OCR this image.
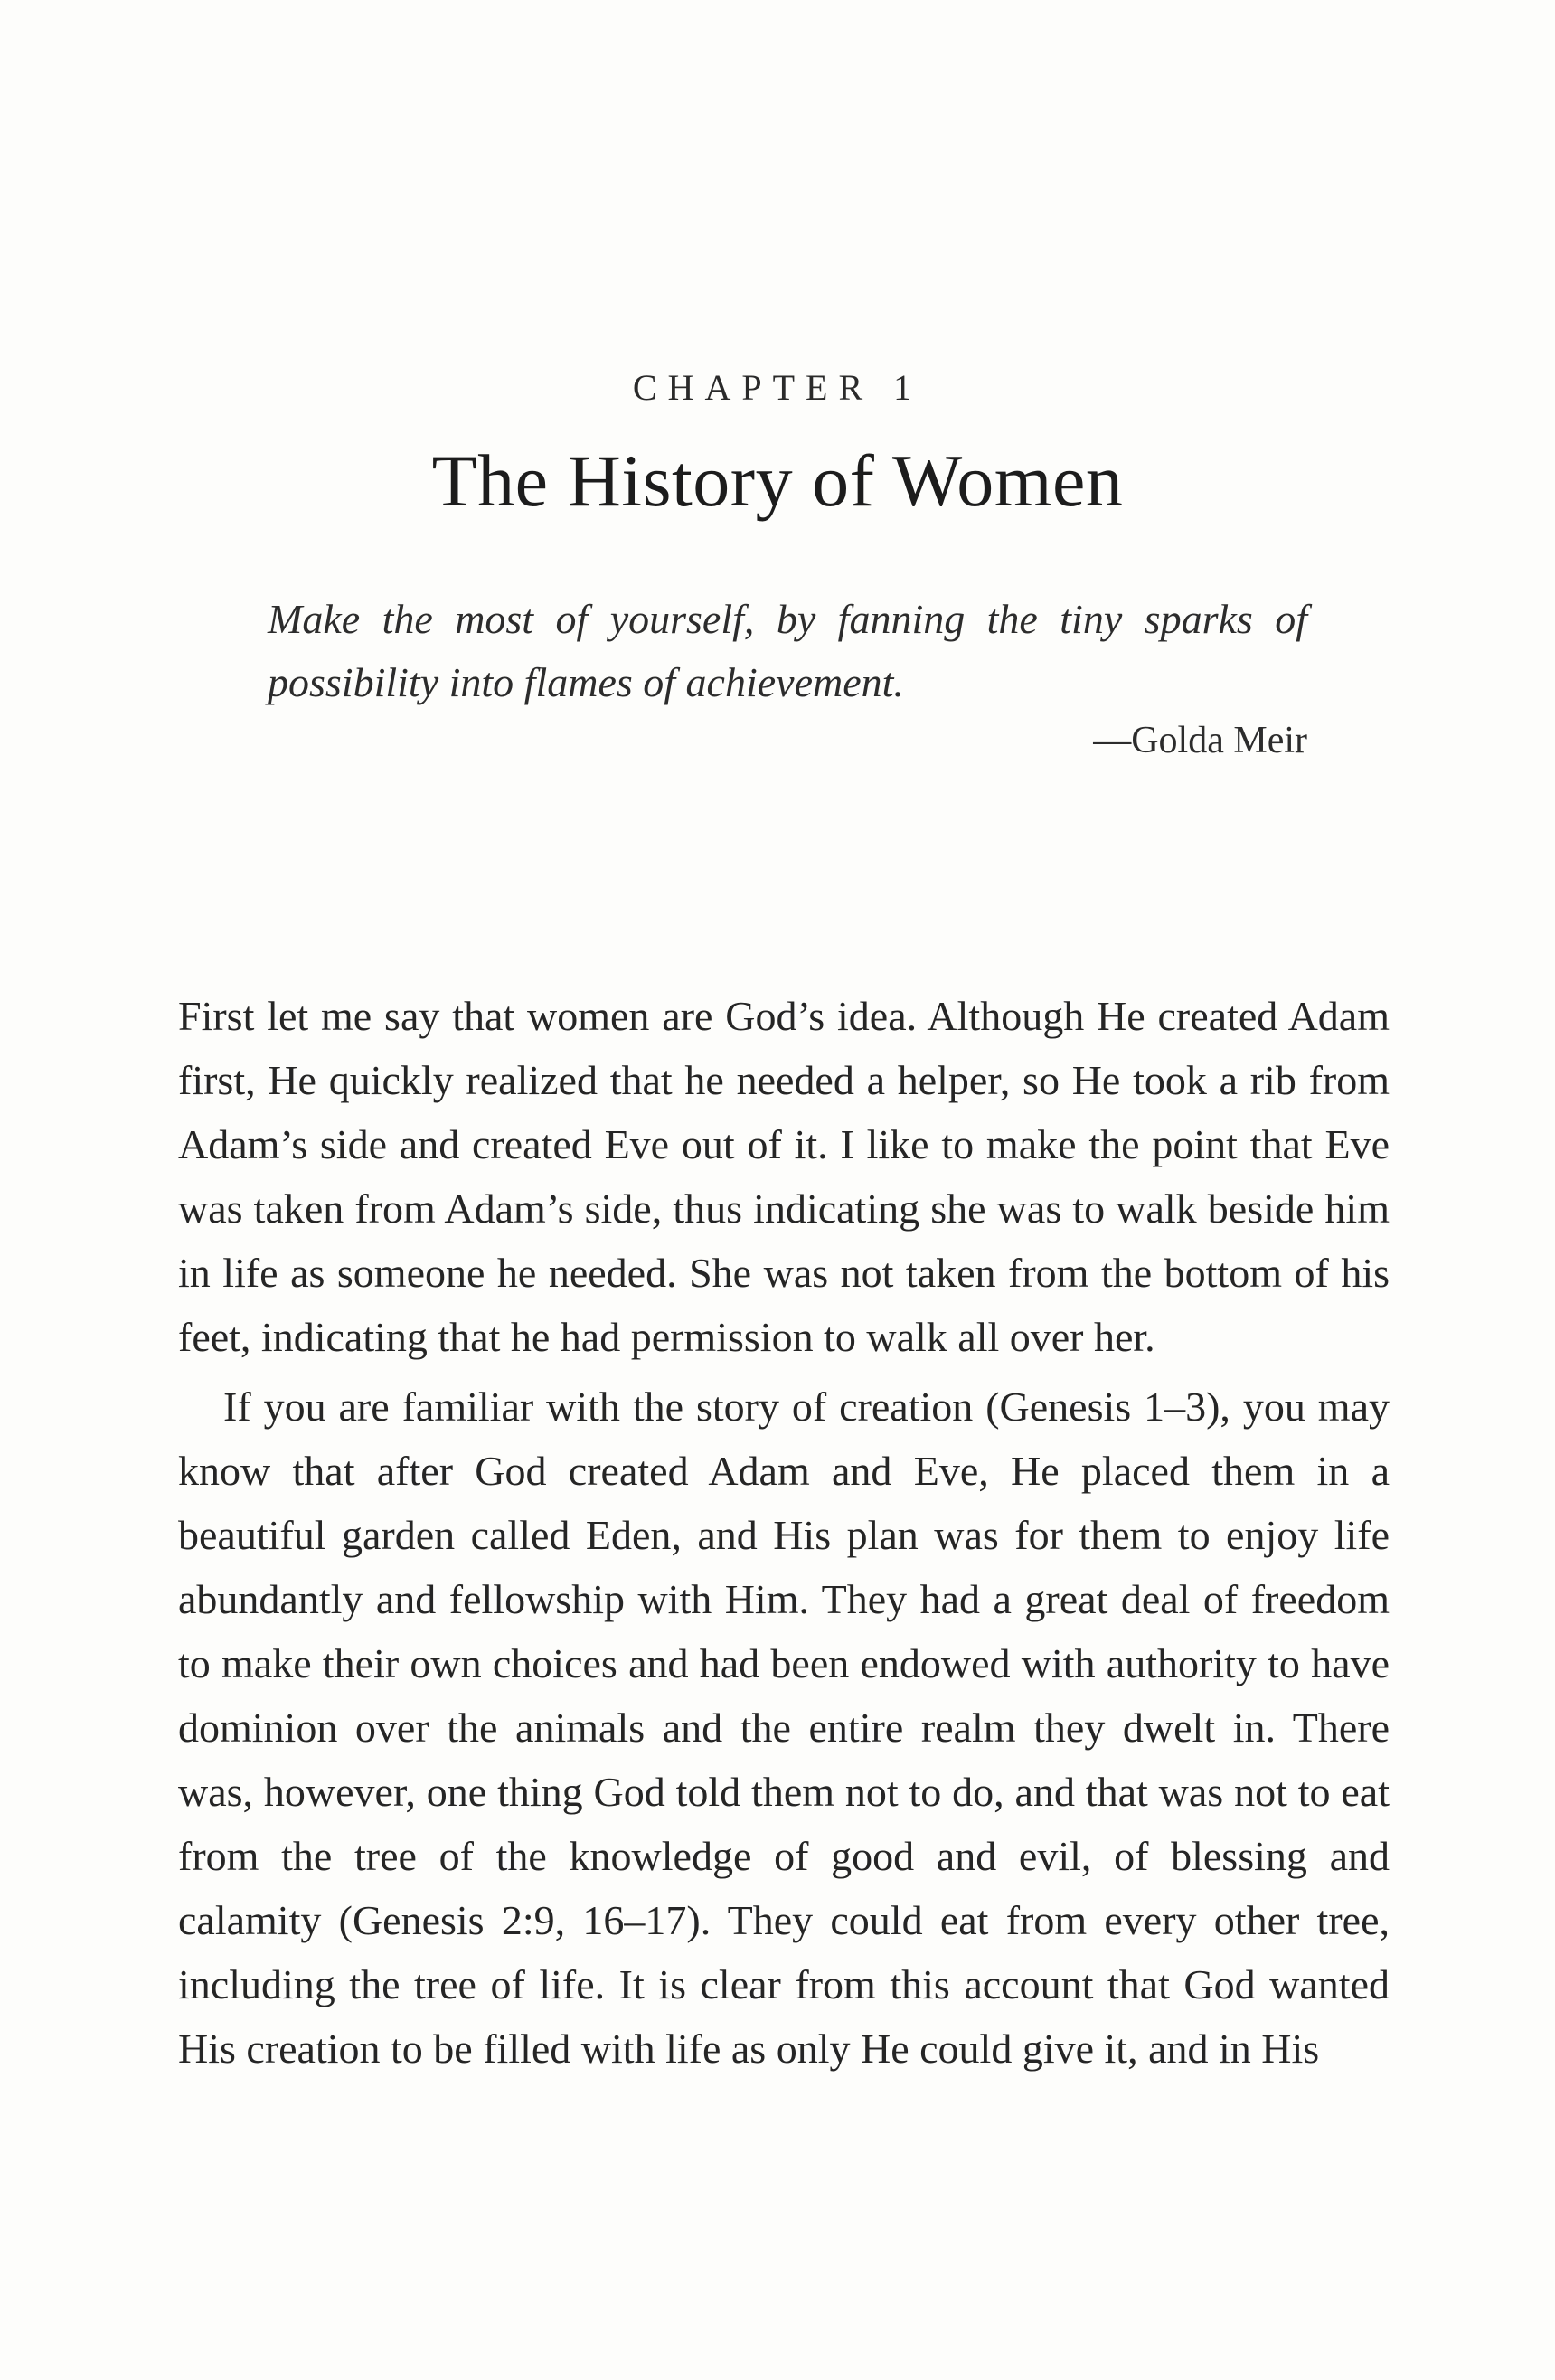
CHAPTER 1
The History of Women
Make the most of yourself, by fanning the tiny sparks of possibility into flames of achievement.
—Golda Meir

First let me say that women are God’s idea. Although He created Adam first, He quickly realized that he needed a helper, so He took a rib from Adam’s side and created Eve out of it. I like to make the point that Eve was taken from Adam’s side, thus indicating she was to walk beside him in life as someone he needed. She was not taken from the bottom of his feet, indicating that he had permission to walk all over her.

If you are familiar with the story of creation (Genesis 1–3), you may know that after God created Adam and Eve, He placed them in a beautiful garden called Eden, and His plan was for them to enjoy life abundantly and fellowship with Him. They had a great deal of freedom to make their own choices and had been endowed with authority to have dominion over the animals and the entire realm they dwelt in. There was, however, one thing God told them not to do, and that was not to eat from the tree of the knowledge of good and evil, of blessing and calamity (Genesis 2:9, 16–17). They could eat from every other tree, including the tree of life. It is clear from this account that God wanted His creation to be filled with life as only He could give it, and in His
